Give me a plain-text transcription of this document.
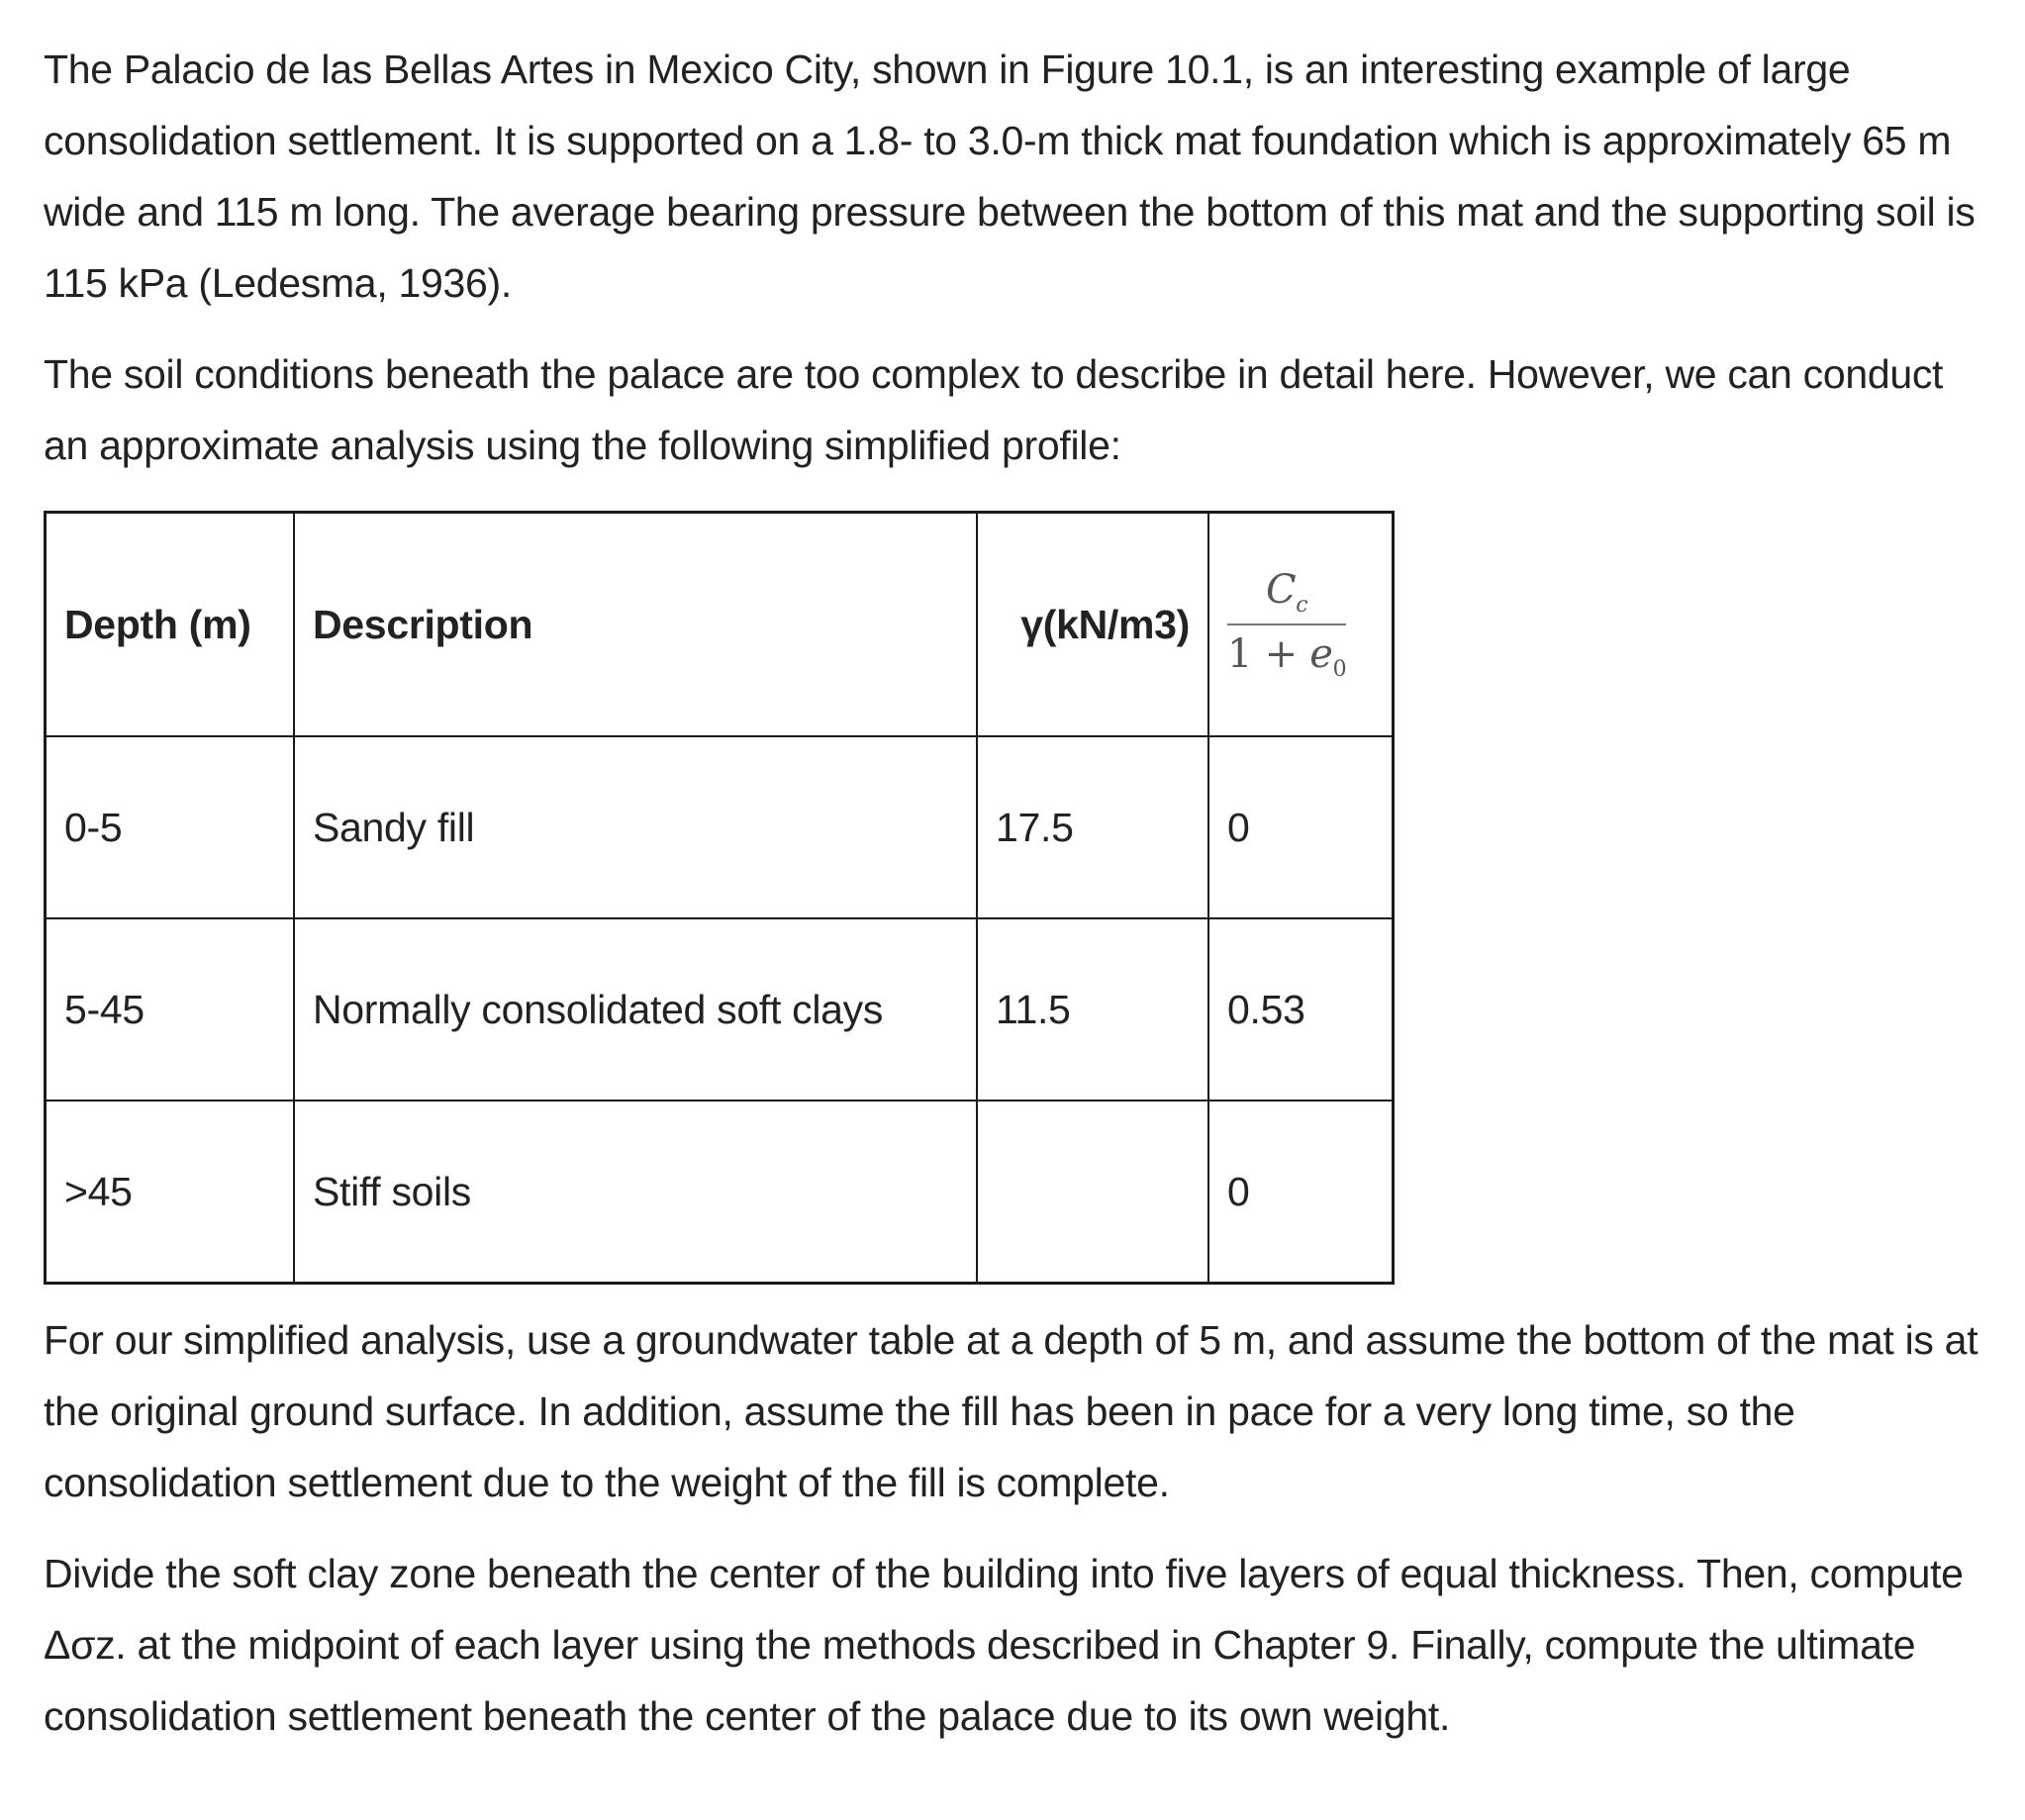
The Palacio de las Bellas Artes in Mexico City, shown in Figure 10.1, is an interesting example of large consolidation settlement. It is supported on a 1.8- to 3.0-m thick mat foundation which is approximately 65 m wide and 115 m long. The average bearing pressure between the bottom of this mat and the supporting soil is 115 kPa (Ledesma, 1936).

The soil conditions beneath the palace are too complex to describe in detail here. However, we can conduct an approximate analysis using the following simplified profile:

Depth (m)	Description	γ(kN/m3)	$\frac{C_c}{1 + e_0}$

0-5	Sandy fill	17.5	0
5-45	Normally consolidated soft clays	11.5	0.53
>45	Stiff soils		0

For our simplified analysis, use a groundwater table at a depth of 5 m, and assume the bottom of the mat is at the original ground surface. In addition, assume the fill has been in pace for a very long time, so the consolidation settlement due to the weight of the fill is complete.

Divide the soft clay zone beneath the center of the building into five layers of equal thickness. Then, compute Δσz. at the midpoint of each layer using the methods described in Chapter 9. Finally, compute the ultimate consolidation settlement beneath the center of the palace due to its own weight.
